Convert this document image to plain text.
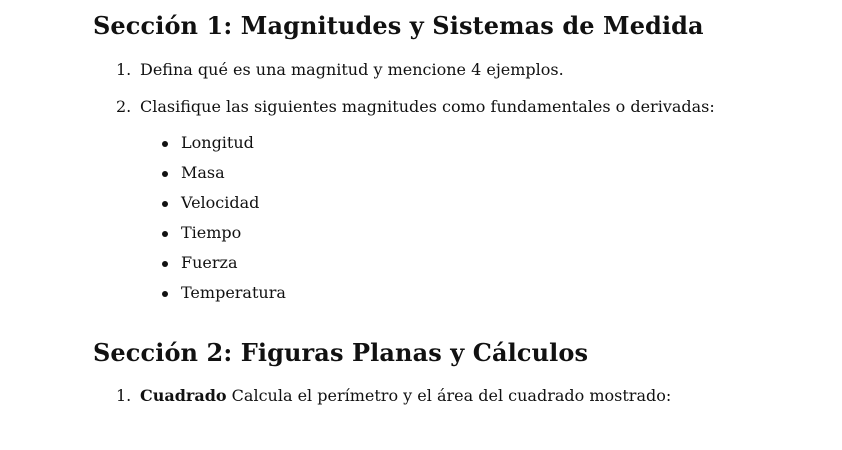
Sección 1: Magnitudes y Sistemas de Medida
1. Defina qué es una magnitud y mencione 4 ejemplos.
2. Clasifique las siguientes magnitudes como fundamentales o derivadas:
Longitud
Masa
Velocidad
Tiempo
Fuerza
Temperatura
Sección 2: Figuras Planas y Cálculos
1. Cuadrado Calcula el perímetro y el área del cuadrado mostrado:
